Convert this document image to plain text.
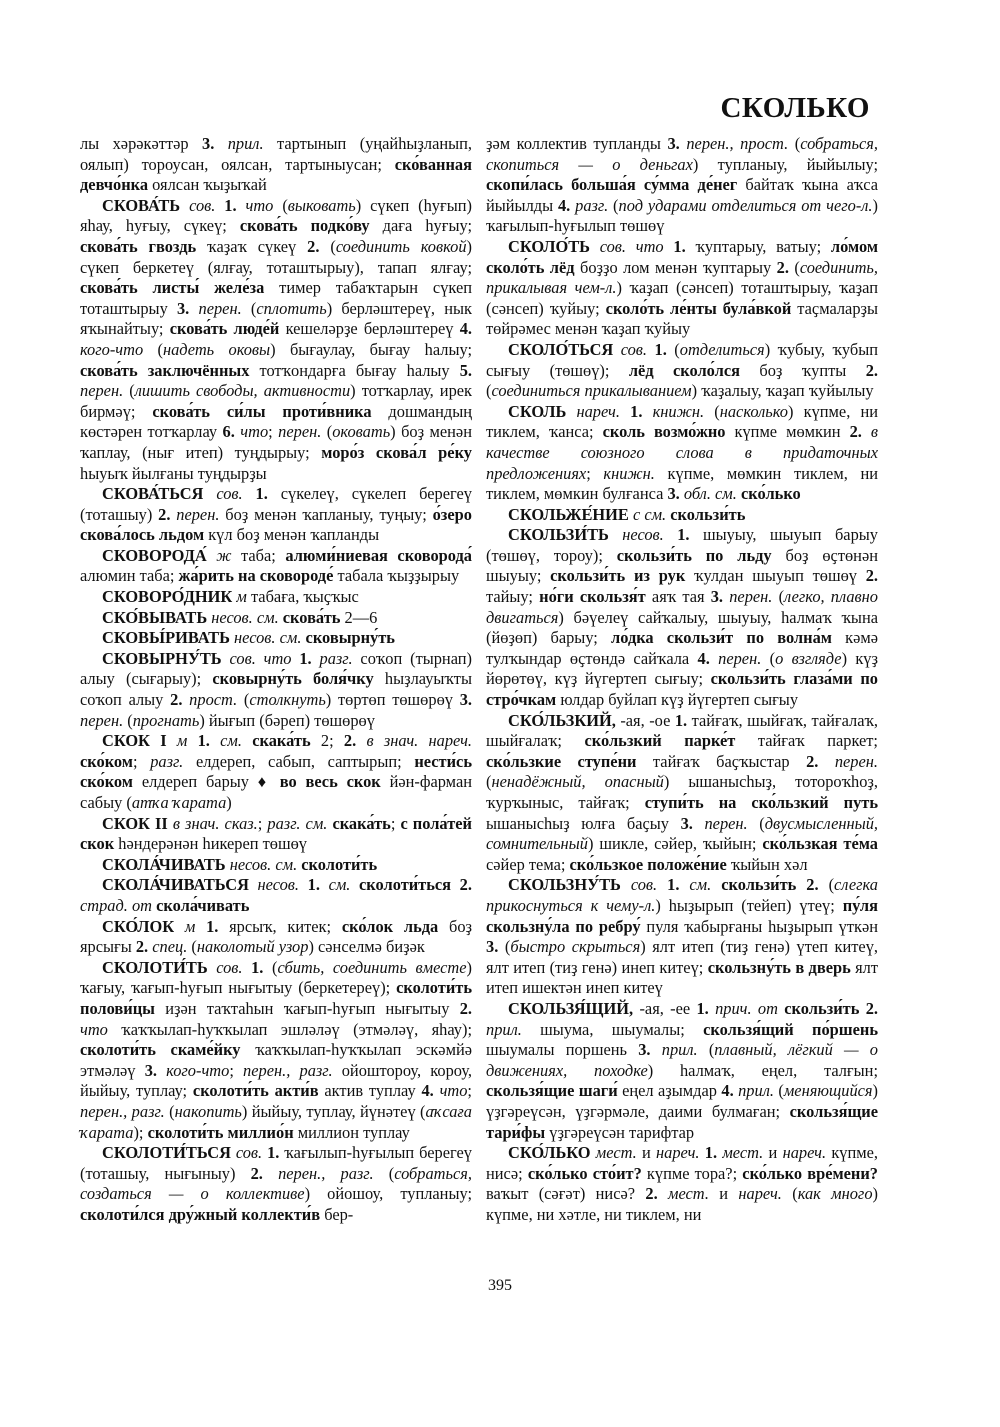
СКОЛЬКО

лы хәрәкәттәр 3. прил. тартынып (уңайһыҙланып, оялып) тороусан, оялсан, тартыныусан; ско́ванная девчо́нка оялсан ҡыҙыҡай

СКОВА́ТЬ сов. 1. что (выковать) сүкеп (һуғып) яһау, һуғыу, сүкеү; скова́ть подко́ву даға һуғыу; скова́ть гвоздь ҡаҙаҡ сүкеү 2. (соединить ковкой) сүкеп беркетеү (ялғау, тоташтырыу), тапап ялғау; скова́ть листы́ желе́за тимер табаҡтарын сүкеп тоташтырыу 3. перен. (сплотить) берләштереү, нык яҡынайтыу; скова́ть люде́й кешеләрҙе берләштереү 4. кого-что (надеть оковы) бығаулау, бығау һалыу; скова́ть заключённых тотҡондарға бығау һалыу 5. перен. (лишить свободы, активности) тотҡарлау, ирек бирмәү; скова́ть си́лы проти́вника дошмандың көстәрен тотҡарлау 6. что; перен. (оковать) боҙ менән ҡаплау, (нығ итеп) туңдырыу; моро́з скова́л ре́ку һыуыҡ йылғаны туңдырҙы

СКОВА́ТЬСЯ сов. 1. сүкелеү, сүкелеп берегеү (тоташыу) 2. перен. боҙ менән ҡапланыу, туңыу; о́зеро скова́лось льдом күл боҙ менән ҡапланды

СКОВОРОДА́ ж таба; алюми́ниевая сковорода́ алюмин таба; жа́рить на сковороде́ табала ҡыҙҙырыу

СКОВОРО́ДНИК м табаға, ҡыҫҡыс

СКО́ВЫВАТЬ несов. см. скова́ть 2—6

СКОВЫ́РИВАТЬ несов. см. сковырну́ть

СКОВЫРНУ́ТЬ сов. что 1. разг. соҡоп (тырнап) алыу (сығарыу); сковырну́ть боля́чку һыҙлауыҡты соҡоп алыу 2. прост. (столкнуть) төртөп төшөрөү 3. перен. (прогнать) йығып (бәреп) төшөрөү

СКОК I м 1. см. скака́ть 2; 2. в знач. нареч. ско́ком; разг. елдереп, сабып, саптырып; нести́сь ско́ком елдереп барыу ♦ во весь скок йән-фарман сабыу (атҡа ҡарата)

СКОК II в знач. сказ.; разг. см. скака́ть; с пола́тей скок һәндерәнән һикереп төшөү

СКОЛА́ЧИВАТЬ несов. см. сколоти́ть

СКОЛА́ЧИВАТЬСЯ несов. 1. см. сколоти́ться 2. страд. от скола́чивать

СКО́ЛОК м 1. ярсыҡ, китек; ско́лок льда боҙ ярсығы 2. спец. (наколотый узор) сәнселмә биҙәк

СКОЛОТИ́ТЬ сов. 1. (сбить, соединить вместе) ҡағыу, ҡағып-һуғып нығытыу (беркетереү); сколоти́ть полови́цы иҙән таҡтаһын ҡағып-һуғып нығытыу 2. что ҡаҡҡылап-һуҡҡылап эшләләү (этмәләү, яһау); сколоти́ть скаме́йку ҡаҡҡылап-һуҡҡылап эскәмйә этмәләү 3. кого-что; перен., разг. ойоштороу, короу, йыйыу, туплау; сколоти́ть акти́в актив туплау 4. что; перен., разг. (накопить) йыйыу, туплау, йүнәтеү (аҡсаға ҡарата); сколоти́ть миллио́н миллион туплау

СКОЛОТИ́ТЬСЯ сов. 1. ҡағылып-һуғылып берегеү (тоташыу, нығыныу) 2. перен., разг. (собраться, создаться — о коллективе) ойошоу, тупланыу; сколоти́лся дру́жный коллекти́в бер-

ҙәм коллектив тупланды 3. перен., прост. (собраться, скопиться — о деньгах) тупланыу, йыйылыу; скопи́лась больша́я су́мма де́нег байтаҡ ҡына аҡса йыйылды 4. разг. (под ударами отделиться от чего-л.) ҡағылып-һуғылып төшөү

СКОЛО́ТЬ сов. что 1. ҡуптарыу, ватыу; ло́мом сколо́ть лёд боҙҙо лом менән ҡуптарыу 2. (соединить, прикалывая чем-л.) ҡаҙап (сәнсеп) тоташтырыу, ҡаҙап (сәнсеп) ҡуйыу; сколо́ть ле́нты була́вкой таҫмаларҙы төйрәмес менән ҡаҙап ҡуйыу

СКОЛО́ТЬСЯ сов. 1. (отделиться) ҡубыу, ҡубып сығыу (төшөү); лёд сколо́лся боҙ ҡупты 2. (соединиться прикалыванием) ҡаҙалыу, ҡаҙап ҡуйылыу

СКОЛЬ нареч. 1. книжн. (насколько) күпме, ни тиклем, ҡанса; сколь возмо́жно күпме мөмкин 2. в качестве союзного слова в придаточных предложениях; книжн. күпме, мөмкин тиклем, ни тиклем, мөмкин булғанса 3. обл. см. ско́лько

СКОЛЬЖЕ́НИЕ с см. скользи́ть

СКОЛЬЗИ́ТЬ несов. 1. шыуыу, шыуып барыу (төшөү, тороу); скользи́ть по льду боҙ өҫтөнән шыуыу; скользи́ть из рук ҡулдан шыуып төшөү 2. тайыу; но́ги скользя́т аяҡ тая 3. перен. (легко, плавно двигаться) бәүелеү сайҡалыу, шыуыу, һалмаҡ ҡына (йөҙөп) барыу; ло́дка скользи́т по волна́м кәмә тулҡындар өҫтөндә сайҡала 4. перен. (о взгляде) күҙ йөрөтөү, күҙ йүгертеп сығыу; скользи́ть глаза́ми по стро́чкам юлдар буйлап күҙ йүгертеп сығыу

СКО́ЛЬЗКИЙ, -ая, -ое 1. тайғаҡ, шыйғаҡ, тайғалаҡ, шыйғалаҡ; ско́льзкий парке́т тайғаҡ паркет; ско́льзкие ступе́ни тайғаҡ баҫҡыстар 2. перен. (ненадёжный, опасный) ышаныcһыҙ, тотороҡһоҙ, ҡурҡыныс, тайғаҡ; ступи́ть на ско́льзкий путь ышаныcһыҙ юлға баҫыу 3. перен. (двусмысленный, сомнительный) шикле, сәйер, ҡыйын; ско́льзкая те́ма сәйер тема; ско́льзкое положе́ние ҡыйын хәл

СКОЛЬЗНУ́ТЬ сов. 1. см. скользи́ть 2. (слегка прикоснуться к чему-л.) һыҙырып (тейеп) үтеү; пу́ля скользну́ла по ребру́ пуля ҡабырғаны һыҙырып үткән 3. (быстро скрыться) ялт итеп (тиҙ генә) үтеп китеү, ялт итеп (тиҙ генә) инеп китеү; скользну́ть в дверь ялт итеп ишектән инеп китеү

СКОЛЬЗЯ́ЩИЙ, -ая, -ее 1. прич. от скользи́ть 2. прил. шыума, шыумалы; скользя́щий по́ршень шыумалы поршень 3. прил. (плавный, лёгкий — о движениях, походке) һалмаҡ, еңел, талғын; скользя́щие шаги́ еңел аҙымдар 4. прил. (меняющийся) үҙгәреүсән, үҙгәрмәле, даими булмаған; скользя́щие тари́фы үҙгәреүсән тарифтар

СКО́ЛЬКО мест. и нареч. 1. мест. и нареч. күпме, нисә; ско́лько сто́ит? күпме тора?; ско́лько вре́мени? ваҡыт (сәғәт) нисә? 2. мест. и нареч. (как много) күпме, ни хәтле, ни тиклем, ни

395
